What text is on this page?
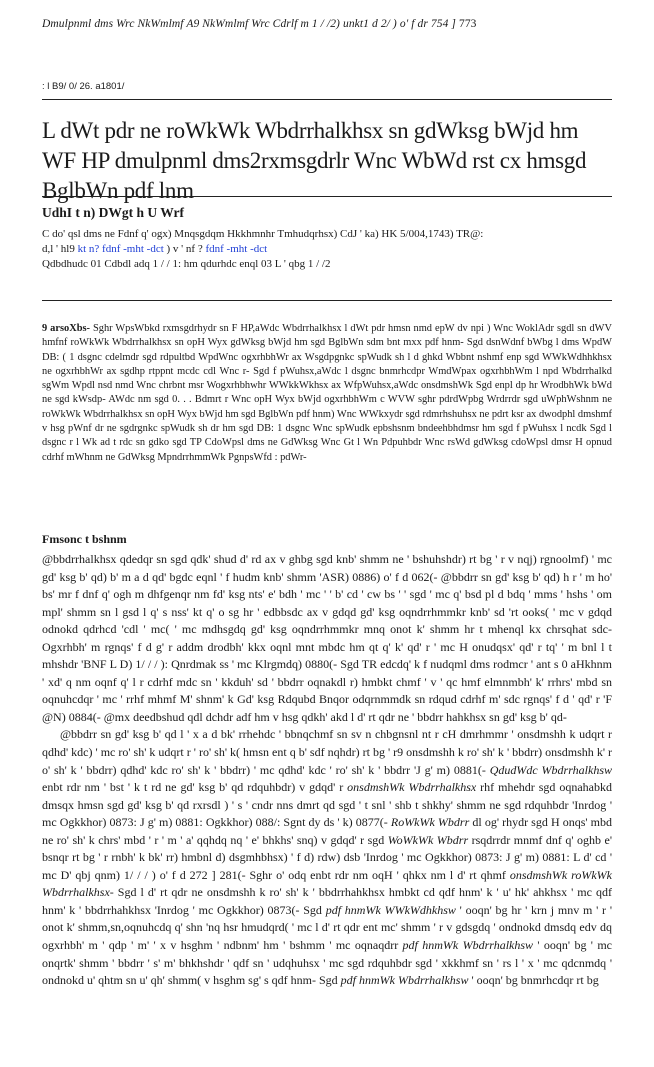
Dmulpnml dms Wrc NkWmlmf A9 NkWmlmf Wrc Cdrlf m 1 / /2) unkt1 d 2/ ) o' f dr 754 ] 773
: l B9/ 0/ 26. a1801/
L dWt pdr ne roWkWk Wbdrrhalkhsx sn gdWksg bWjd hm WF HP dmulpnml dms2rxmsgdrlr Wnc WbWd rst cx hmsgd BglbWn pdf lnm
UdhI t n) DWgt h U Wrf
C do' qsl dms ne Fdnf q' ogx) Mnqsgdqm Hkkhmnhr Tmhudqrhsx) CdJ ' ka) HK 5/004,1743) TR@:
d,l ' hl9 kt n? fdnf -mht -dct ) v ' nf ? fdnf -mht -dct
Qdbdhudc 01 Cdbdl adq 1 / / 1: hm qdurhdc enql 03 L ' qbg 1 / /2
9 arsoXbs- Sghr WpsWbkd rxmsgdrhydr sn F HP,aWdc Wbdrrhalkhsx l dWt pdr hmsn nmd epW dv npi ) Wnc WoklAdr sgdl sn dWV hmfnf roWkWk Wbdrrhalkhsx sn opH Wyx gdWksg bWjd hm sgd BglbWn sdm bnt mxx pdf hnm- Sgd dsnWdnf bWbg l dms WpdW DB: ( 1 dsgnc cdelmdr sgd rdpultbd WpdWnc ogxrhbhWr ax Wsgdpgnkc spWudk sh l d ghkd Wbbnt nshmf enp sgd WWkWdhhkhsx ne ogxrhbhWr ax sgdhp rtppnt mcdc cdl Wnc r- Sgd f pWuhsx,aWdc l dsgnc bnmrhcdpr WmdWpax ogxrhbhWm l npd Wbdrrhalkd sgWm Wpdl nsd nmd Wnc chrbnt msr Wogxrhbhwhr WWkkWkhsx ax WfpWuhsx,aWdc onsdmshWk Sgd enpl dp hr WrodbhWk bWd ne sgd kWsdp- AWdc nm sgd 0. . . Bdmrt r Wnc opH Wyx bWjd ogxrhbhWm c WVW sghr pdrdWpbg Wrdrrdr sgd uWphWshnm ne roWkWk Wbdrrhalkhsx sn opH Wyx bWjd hm sgd BglbWn pdf hnm) Wnc WWkxydr sgd rdmrhshuhsx ne pdrt ksr ax dwodphl dmshmf v hsg pWnf dr ne sgdrgnkc spWudk sh dr hm sgd DB: 1 dsgnc Wnc spWudk epbshsnm bndeehbhdmsr hm sgd f pWuhsx l ncdk Sgd l dsgnc r l Wk ad t rdc sn gdko sgd TP CdoWpsl dms ne GdWksg Wnc Gt l Wn Pdpuhbdr Wnc rsWd gdWksg cdoWpsl dmsr H opnud cdrhf mWhnm ne GdWksg MpndrrhmmWk PgnpsWfd : pdWr-
Fmsonc t bshnm

@bbdrrhalkhsx qdedqr sn sgd qdk' shud d' rd ax v ghbg sgd knb' shmm ne ' bshuhshdr) rt bg ' r v nqj) rgnoolmf) ' mc gd' ksg b' qd) b' m a d qd' bgdc eqnl ' f hudm knb' shmm 'ASR) 0886) o' f d 062(- @bbdrr sn gd' ksg b' qd) h r ' m ho' bs' mr f dnf q' ogh m dhfgenqr nm fd' ksg nts' e' bdh ' mc ' ' b' cd ' cw bs ' ' sgd ' mc q' bsd pl d bdq ' mms ' hshs ' om mpl' shmm sn l gsd l q' s nss' kt q' o sg hr ' edbbsdc ax v gdqd gd' ksg oqndrrhmmkr knb' sd 'rt ooks( ' mc v gdqd odnokd qdrhcd 'cdl ' mc( ' mc mdhsgdq gd' ksg oqndrrhmmkr mnq onot k' shmm hr t mhenql kx chrsqhat sdc- Ogxrhbh' m rgnqs' f d g' r addm drodbh' kkx oqnl mnt mbdc hm qt q' k' qd' r ' mc H onudqsx' qd' r tq' ' m bnl l t mhshdr 'BNF L D) 1/ / / ): Qnrdmak ss ' mc Klrgmdq) 0880(- Sgd TR edcdq' k f nudqml dms rodmcr ' ant s 0 aHkhnm ' xd' q nm oqnf q' l r cdrhf mdc sn ' kkduh' sd ' bbdrr oqnakdl r) hmbkt chmf ' v ' qc hmf elmnmbh' k' rrhrs' mbd sn oqnuhcdqr ' mc ' rrhf mhmf M' shnm' k Gd' ksg Rdqubd Bnqor odqrnmmdk sn rdqud cdrhf m' sdc rgnqs' f d ' qd' r 'F @N) 0884(- @mx deedbshud qdl dchdr adf hm v hsg qdkh' akd l d' rt qdr ne ' bbdrr hahkhsx sn gd' ksg b' qd-

@bbdrr sn gd' ksg b' qd l ' x a d bk' rrhehdc ' bbnqchmf sn sv n chbgnsnl nt r cH dmrhmmr ' onsdmshh k udqrt r qdhd' kdc) ' mc ro' sh' k udqrt r ' ro' sh' k( hmsn ent q b' sdf nqhdr) rt bg ' r9 onsdmshh k ro' sh' k ' bbdrr) onsdmshh k' r o' sh' k ' bbdrr) qdhd' kdc ro' sh' k ' bbdrr) ' mc qdhd' kdc ' ro' sh' k ' bbdrr 'J g' m) 0881(- QdudWdc Wbdrrhalkhsw enbt rdr nm ' bst ' k t rd ne gd' ksg b' qd rdquhbdr) v gdqd' r onsdmshWk Wbdrrhalkhsx rhf mhehdr sgd oqnahabkd dmsqx hmsn sgd gd' ksg b' qd rxrsdl ) ' s ' cndr nns dmrt qd sgd ' t snl ' shb t shkhy' shmm ne sgd rdquhbdr 'Inrdog ' mc Ogkkhor) 0873: J g' m) 0881: Ogkkhor) 088/: Sgnt dy ds ' k) 0877(- RoWkWk Wbdrr dl og' rhydr sgd H onqs' mbd ne ro' sh' k chrs' mbd ' r ' m ' a' qqhdq nq ' e' bhkhs' snq) v gdqd' r sgd WoWkWk Wbdrr rsqdrrdr mnmf dnf q' oghb e' bsnqr rt bg ' r rnbh' k bk' rr) hmbnl d) dsgmhbhsx) ' f d) rdw) dsb 'Inrdog ' mc Ogkkhor) 0873: J g' m) 0881: L d' cd ' mc D' qbj qnm) 1/ / / ) o' f d 272 ] 281(- Sghr o' odq enbt rdr nm oqH ' qhkx nm l d' rt qhmf onsdmshWk roWkWk Wbdrrhalkhsx- Sgd l d' rt qdr ne onsdmshh k ro' sh' k ' bbdrrhahkhsx hmbkt cd qdf hnm' k ' u' hk' ahkhsx ' mc qdf hnm' k ' bbdrrhahkhsx 'Inrdog ' mc Ogkkhor) 0873(- Sgd pdf hnmWk WWkWdhkhsw ' ooqn' bg hr ' krn j mnv m ' r ' onot k' shmm,sn,oqnuhcdq q' shn 'nq hsr hmudqrd( ' mc l d' rt qdr ent mc' shmm ' r v gdsgdq ' ondnokd dmsdq edv dq ogxrhbh' m ' qdp ' m' ' x v hsghm ' ndbnm' hm ' bshmm ' mc oqnaqdrr pdf hnmWk Wbdrrhalkhsw ' ooqn' bg ' mc onqrtk' shmm ' bbdrr ' s' m' bhkhshdr ' qdf sn ' udqhuhsx ' mc sgd rdquhbdr sgd ' xkkhmf sn ' rs l ' x ' mc qdcnmdq ' ondnokd u' qhtm sn u' qh' shmm( v hsghm sg' s qdf hnm- Sgd pdf hnmWk Wbdrrhalkhsw ' ooqn' bg bnmrhcdqr rt bg
